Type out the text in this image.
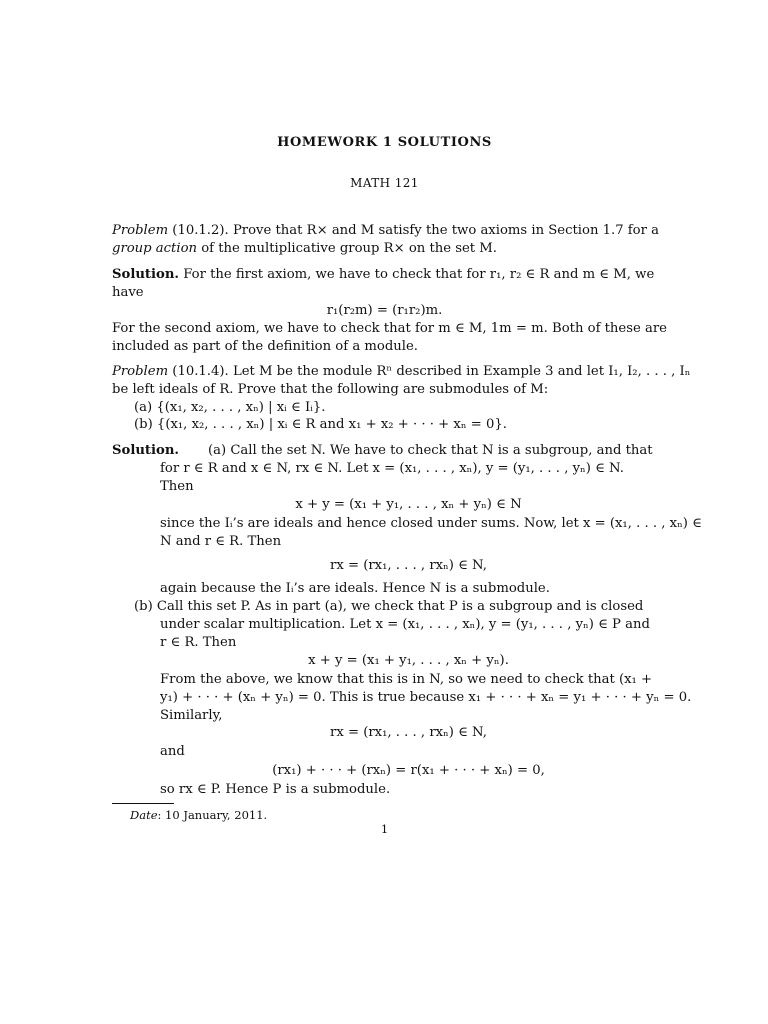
HOMEWORK 1 SOLUTIONS
MATH 121
Problem (10.1.2). Prove that R× and M satisfy the two axioms in Section 1.7 for a
group action of the multiplicative group R× on the set M.
Solution. For the first axiom, we have to check that for r₁, r₂ ∈ R and m ∈ M, we
have
r₁(r₂m) = (r₁r₂)m.
For the second axiom, we have to check that for m ∈ M, 1m = m. Both of these are
included as part of the definition of a module.
Problem (10.1.4). Let M be the module Rⁿ described in Example 3 and let I₁, I₂, . . . , Iₙ
be left ideals of R. Prove that the following are submodules of M:
(a) {(x₁, x₂, . . . , xₙ) | xᵢ ∈ Iᵢ}.
(b) {(x₁, x₂, . . . , xₙ) | xᵢ ∈ R and x₁ + x₂ + · · · + xₙ = 0}.
Solution. (a) Call the set N. We have to check that N is a subgroup, and that
for r ∈ R and x ∈ N, rx ∈ N. Let x = (x₁, . . . , xₙ), y = (y₁, . . . , yₙ) ∈ N.
Then
x + y = (x₁ + y₁, . . . , xₙ + yₙ) ∈ N
since the Iᵢ’s are ideals and hence closed under sums. Now, let x = (x₁, . . . , xₙ) ∈
N and r ∈ R. Then
rx = (rx₁, . . . , rxₙ) ∈ N,
again because the Iᵢ’s are ideals. Hence N is a submodule.
(b) Call this set P. As in part (a), we check that P is a subgroup and is closed
under scalar multiplication. Let x = (x₁, . . . , xₙ), y = (y₁, . . . , yₙ) ∈ P and
r ∈ R. Then
x + y = (x₁ + y₁, . . . , xₙ + yₙ).
From the above, we know that this is in N, so we need to check that (x₁ +
y₁) + · · · + (xₙ + yₙ) = 0. This is true because x₁ + · · · + xₙ = y₁ + · · · + yₙ = 0.
Similarly,
rx = (rx₁, . . . , rxₙ) ∈ N,
and
(rx₁) + · · · + (rxₙ) = r(x₁ + · · · + xₙ) = 0,
so rx ∈ P. Hence P is a submodule.
Date: 10 January, 2011.
1
